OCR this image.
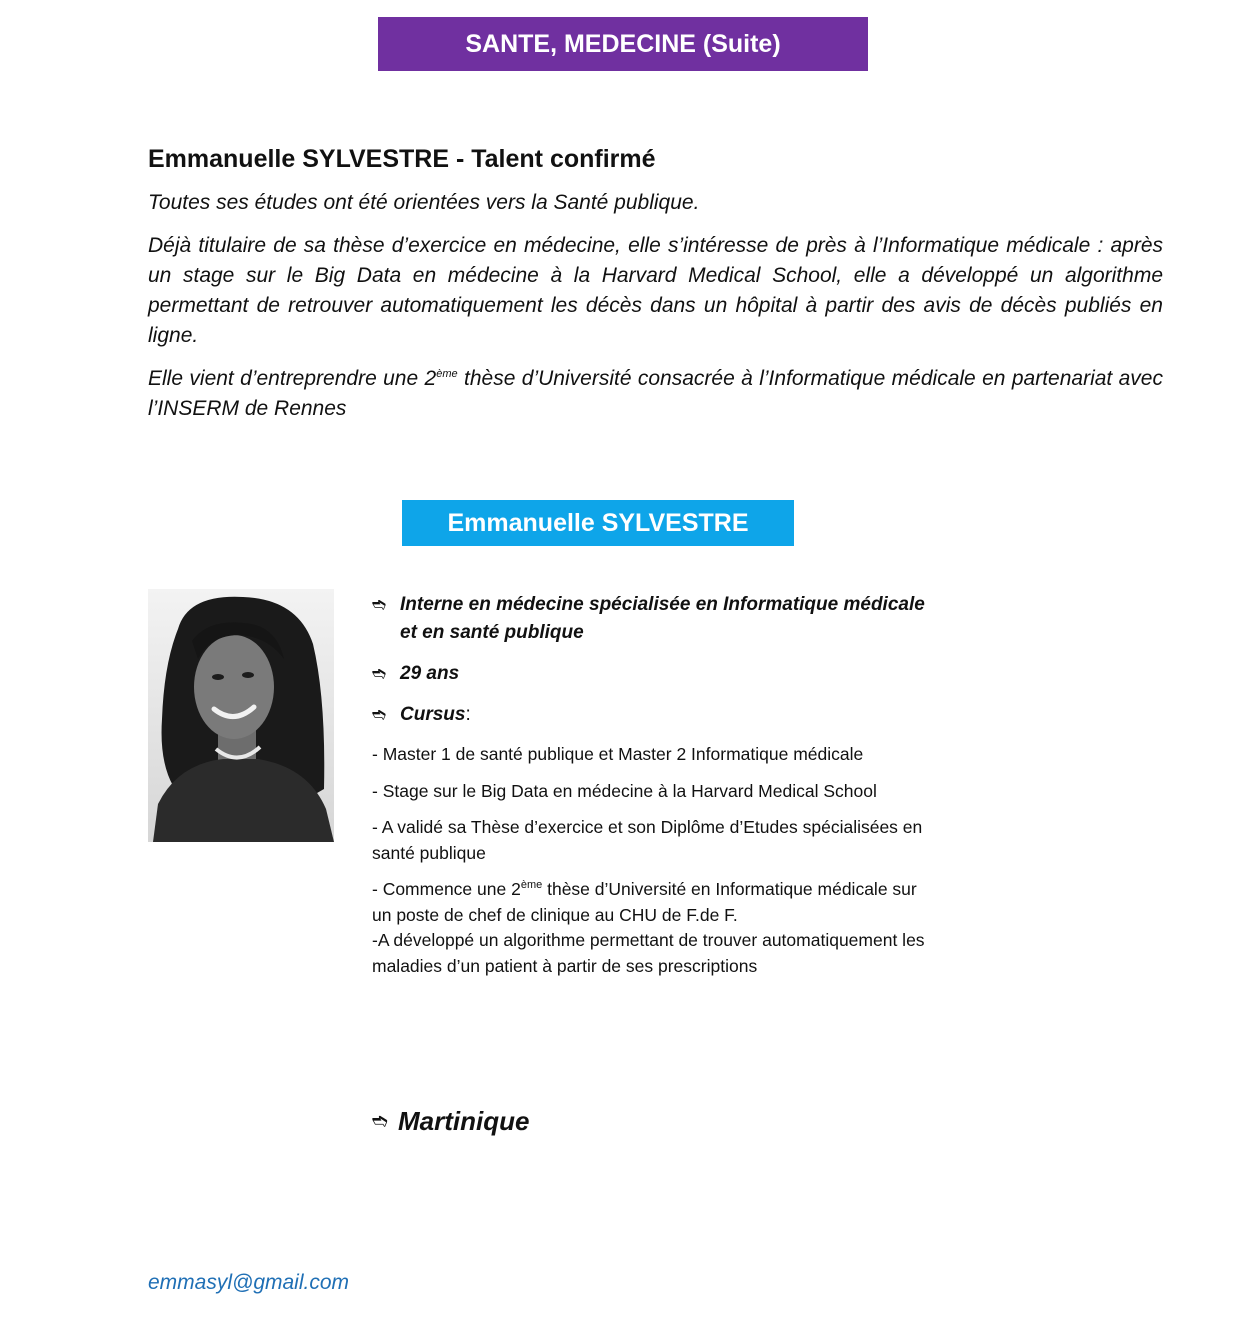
SANTE, MEDECINE (Suite)
Emmanuelle SYLVESTRE - Talent confirmé

Toutes ses études ont été orientées vers la Santé publique.

Déjà titulaire de sa thèse d’exercice en médecine, elle s’intéresse de près à l’Informatique médicale : après un stage sur le Big Data en médecine à la Harvard Medical School, elle a développé un algorithme permettant de retrouver automatiquement les décès dans un hôpital à partir des avis de décès publiés en ligne.

Elle vient d’entreprendre une 2ème thèse d’Université consacrée à l’Informatique médicale en partenariat avec l’INSERM de Rennes

Emmanuelle SYLVESTRE
➬ Interne en médecine spécialisée en Informatique médicale et en santé publique
➬ 29 ans
➬ Cursus :
- Master 1 de santé publique et Master 2 Informatique médicale
- Stage sur le Big Data en médecine à la Harvard Medical School
- A validé sa Thèse d’exercice et son Diplôme d’Etudes spécialisées en santé publique
- Commence une 2ème thèse d’Université en Informatique médicale sur un poste de chef de clinique au CHU de F.de F.
-A développé un algorithme permettant de trouver automatiquement les maladies d’un patient à partir de ses prescriptions
➬ Martinique
emmasyl@gmail.com
